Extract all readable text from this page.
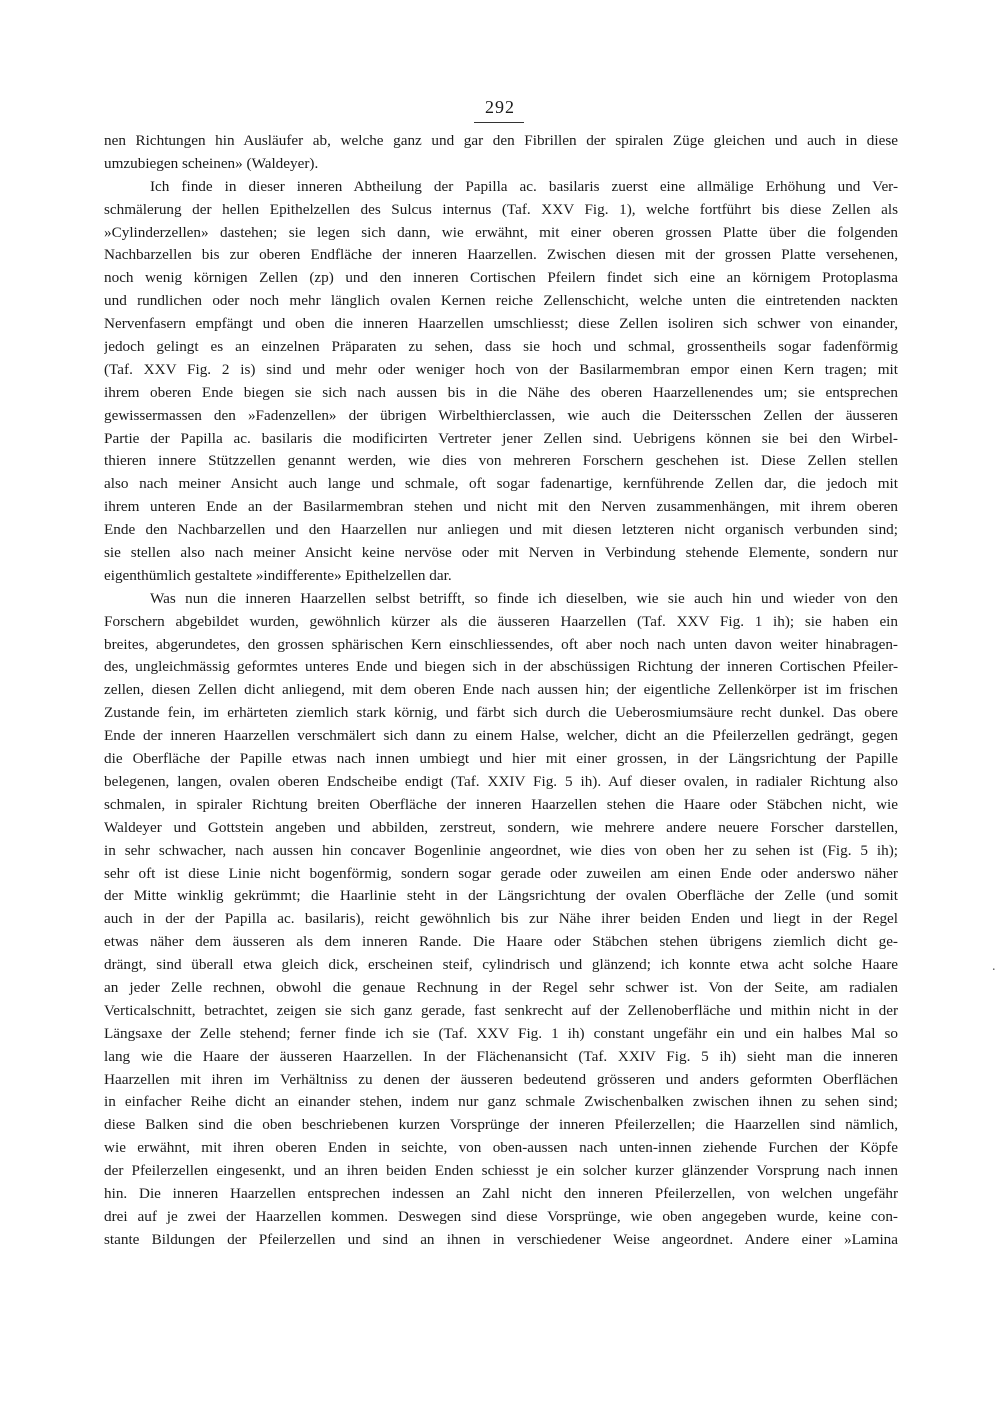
292
nen Richtungen hin Ausläufer ab, welche ganz und gar den Fibrillen der spiralen Züge gleichen und auch in diese
umzubiegen scheinen» (Waldeyer).
Ich finde in dieser inneren Abtheilung der Papilla ac. basilaris zuerst eine allmälige Erhöhung und Ver-
schmälerung der hellen Epithelzellen des Sulcus internus (Taf. XXV Fig. 1), welche fortführt bis diese Zellen als
»Cylinderzellen» dastehen; sie legen sich dann, wie erwähnt, mit einer oberen grossen Platte über die folgenden
Nachbarzellen bis zur oberen Endfläche der inneren Haarzellen. Zwischen diesen mit der grossen Platte versehenen,
noch wenig körnigen Zellen (zp) und den inneren Cortischen Pfeilern findet sich eine an körnigem Protoplasma
und rundlichen oder noch mehr länglich ovalen Kernen reiche Zellenschicht, welche unten die eintretenden nackten
Nervenfasern empfängt und oben die inneren Haarzellen umschliesst; diese Zellen isoliren sich schwer von einander,
jedoch gelingt es an einzelnen Präparaten zu sehen, dass sie hoch und schmal, grossentheils sogar fadenförmig
(Taf. XXV Fig. 2 is) sind und mehr oder weniger hoch von der Basilarmembran empor einen Kern tragen; mit
ihrem oberen Ende biegen sie sich nach aussen bis in die Nähe des oberen Haarzellenendes um; sie entsprechen
gewissermassen den »Fadenzellen» der übrigen Wirbelthierclassen, wie auch die Deitersschen Zellen der äusseren
Partie der Papilla ac. basilaris die modificirten Vertreter jener Zellen sind. Uebrigens können sie bei den Wirbel-
thieren innere Stützzellen genannt werden, wie dies von mehreren Forschern geschehen ist. Diese Zellen stellen
also nach meiner Ansicht auch lange und schmale, oft sogar fadenartige, kernführende Zellen dar, die jedoch mit
ihrem unteren Ende an der Basilarmembran stehen und nicht mit den Nerven zusammenhängen, mit ihrem oberen
Ende den Nachbarzellen und den Haarzellen nur anliegen und mit diesen letzteren nicht organisch verbunden sind;
sie stellen also nach meiner Ansicht keine nervöse oder mit Nerven in Verbindung stehende Elemente, sondern nur
eigenthümlich gestaltete »indifferente» Epithelzellen dar.
Was nun die inneren Haarzellen selbst betrifft, so finde ich dieselben, wie sie auch hin und wieder von den
Forschern abgebildet wurden, gewöhnlich kürzer als die äusseren Haarzellen (Taf. XXV Fig. 1 ih); sie haben ein
breites, abgerundetes, den grossen sphärischen Kern einschliessendes, oft aber noch nach unten davon weiter hinabragen-
des, ungleichmässig geformtes unteres Ende und biegen sich in der abschüssigen Richtung der inneren Cortischen Pfeiler-
zellen, diesen Zellen dicht anliegend, mit dem oberen Ende nach aussen hin; der eigentliche Zellenkörper ist im frischen
Zustande fein, im erhärteten ziemlich stark körnig, und färbt sich durch die Ueberosmiumsäure recht dunkel. Das obere
Ende der inneren Haarzellen verschmälert sich dann zu einem Halse, welcher, dicht an die Pfeilerzellen gedrängt, gegen
die Oberfläche der Papille etwas nach innen umbiegt und hier mit einer grossen, in der Längsrichtung der Papille
belegenen, langen, ovalen oberen Endscheibe endigt (Taf. XXIV Fig. 5 ih). Auf dieser ovalen, in radialer Richtung also
schmalen, in spiraler Richtung breiten Oberfläche der inneren Haarzellen stehen die Haare oder Stäbchen nicht, wie
Waldeyer und Gottstein angeben und abbilden, zerstreut, sondern, wie mehrere andere neuere Forscher darstellen,
in sehr schwacher, nach aussen hin concaver Bogenlinie angeordnet, wie dies von oben her zu sehen ist (Fig. 5 ih);
sehr oft ist diese Linie nicht bogenförmig, sondern sogar gerade oder zuweilen am einen Ende oder anderswo näher
der Mitte winklig gekrümmt; die Haarlinie steht in der Längsrichtung der ovalen Oberfläche der Zelle (und somit
auch in der der Papilla ac. basilaris), reicht gewöhnlich bis zur Nähe ihrer beiden Enden und liegt in der Regel
etwas näher dem äusseren als dem inneren Rande. Die Haare oder Stäbchen stehen übrigens ziemlich dicht ge-
drängt, sind überall etwa gleich dick, erscheinen steif, cylindrisch und glänzend; ich konnte etwa acht solche Haare
an jeder Zelle rechnen, obwohl die genaue Rechnung in der Regel sehr schwer ist. Von der Seite, am radialen
Verticalschnitt, betrachtet, zeigen sie sich ganz gerade, fast senkrecht auf der Zellenoberfläche und mithin nicht in der
Längsaxe der Zelle stehend; ferner finde ich sie (Taf. XXV Fig. 1 ih) constant ungefähr ein und ein halbes Mal so
lang wie die Haare der äusseren Haarzellen. In der Flächenansicht (Taf. XXIV Fig. 5 ih) sieht man die inneren
Haarzellen mit ihren im Verhältniss zu denen der äusseren bedeutend grösseren und anders geformten Oberflächen
in einfacher Reihe dicht an einander stehen, indem nur ganz schmale Zwischenbalken zwischen ihnen zu sehen sind;
diese Balken sind die oben beschriebenen kurzen Vorsprünge der inneren Pfeilerzellen; die Haarzellen sind nämlich,
wie erwähnt, mit ihren oberen Enden in seichte, von oben-aussen nach unten-innen ziehende Furchen der Köpfe
der Pfeilerzellen eingesenkt, und an ihren beiden Enden schiesst je ein solcher kurzer glänzender Vorsprung nach innen
hin. Die inneren Haarzellen entsprechen indessen an Zahl nicht den inneren Pfeilerzellen, von welchen ungefähr
drei auf je zwei der Haarzellen kommen. Deswegen sind diese Vorsprünge, wie oben angegeben wurde, keine con-
stante Bildungen der Pfeilerzellen und sind an ihnen in verschiedener Weise angeordnet. Andere einer »Lamina
.
